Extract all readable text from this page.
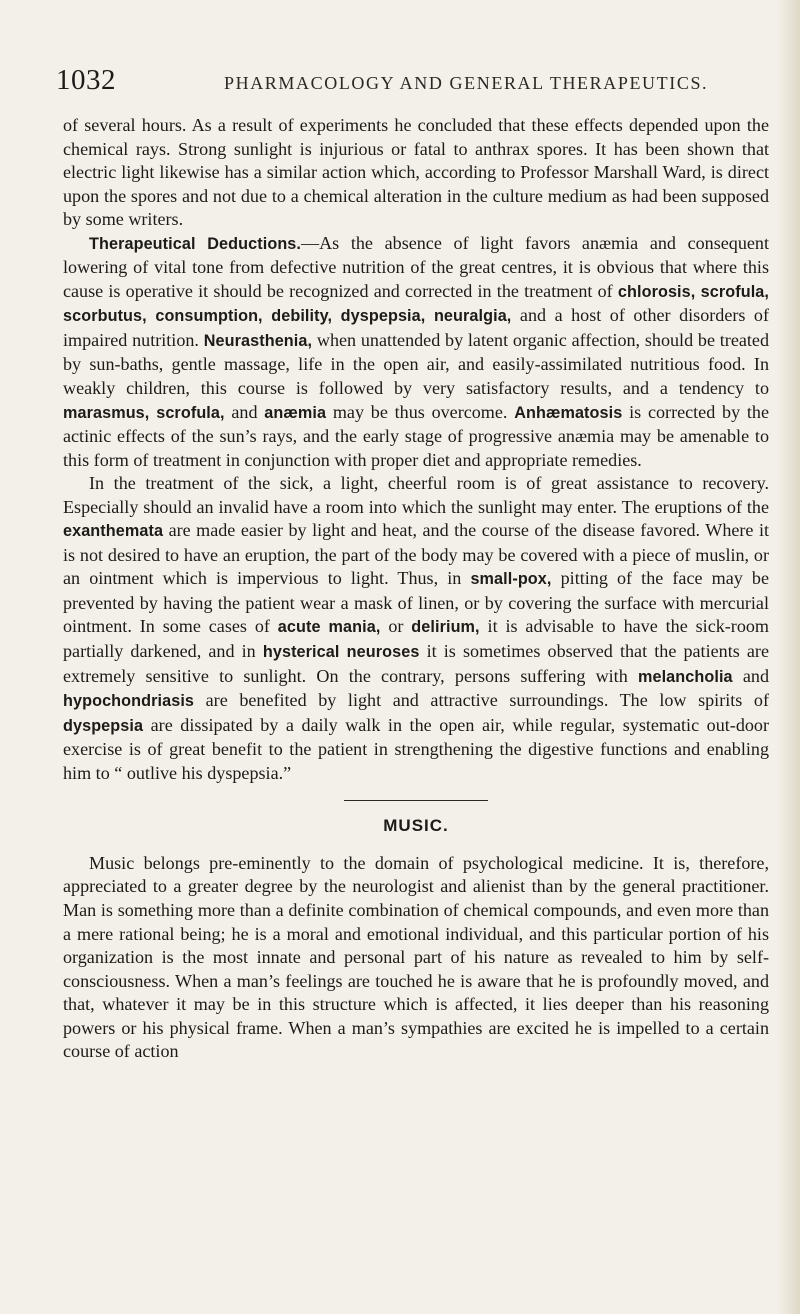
1032	PHARMACOLOGY AND GENERAL THERAPEUTICS.

of several hours. As a result of experiments he concluded that these effects depended upon the chemical rays. Strong sunlight is injurious or fatal to anthrax spores. It has been shown that electric light likewise has a similar action which, according to Professor Marshall Ward, is direct upon the spores and not due to a chemical alteration in the culture medium as had been supposed by some writers.

Therapeutical Deductions.—As the absence of light favors anæmia and consequent lowering of vital tone from defective nutrition of the great centres, it is obvious that where this cause is operative it should be recognized and corrected in the treatment of chlorosis, scrofula, scorbutus, consumption, debility, dyspepsia, neuralgia, and a host of other disorders of impaired nutrition. Neurasthenia, when unattended by latent organic affection, should be treated by sun-baths, gentle massage, life in the open air, and easily-assimilated nutritious food. In weakly children, this course is followed by very satisfactory results, and a tendency to marasmus, scrofula, and anæmia may be thus overcome. Anhæmatosis is corrected by the actinic effects of the sun’s rays, and the early stage of progressive anæmia may be amenable to this form of treatment in conjunction with proper diet and appropriate remedies.

In the treatment of the sick, a light, cheerful room is of great assistance to recovery. Especially should an invalid have a room into which the sunlight may enter. The eruptions of the exanthemata are made easier by light and heat, and the course of the disease favored. Where it is not desired to have an eruption, the part of the body may be covered with a piece of muslin, or an ointment which is impervious to light. Thus, in small-pox, pitting of the face may be prevented by having the patient wear a mask of linen, or by covering the surface with mercurial ointment. In some cases of acute mania, or delirium, it is advisable to have the sick-room partially darkened, and in hysterical neuroses it is sometimes observed that the patients are extremely sensitive to sunlight. On the contrary, persons suffering with melancholia and hypochondriasis are benefited by light and attractive surroundings. The low spirits of dyspepsia are dissipated by a daily walk in the open air, while regular, systematic out-door exercise is of great benefit to the patient in strengthening the digestive functions and enabling him to “ outlive his dyspepsia.”

MUSIC.

Music belongs pre-eminently to the domain of psychological medicine. It is, therefore, appreciated to a greater degree by the neurologist and alienist than by the general practitioner. Man is something more than a definite combination of chemical compounds, and even more than a mere rational being; he is a moral and emotional individual, and this particular portion of his organization is the most innate and personal part of his nature as revealed to him by self-consciousness. When a man’s feelings are touched he is aware that he is profoundly moved, and that, whatever it may be in this structure which is affected, it lies deeper than his reasoning powers or his physical frame. When a man’s sympathies are excited he is impelled to a certain course of action
